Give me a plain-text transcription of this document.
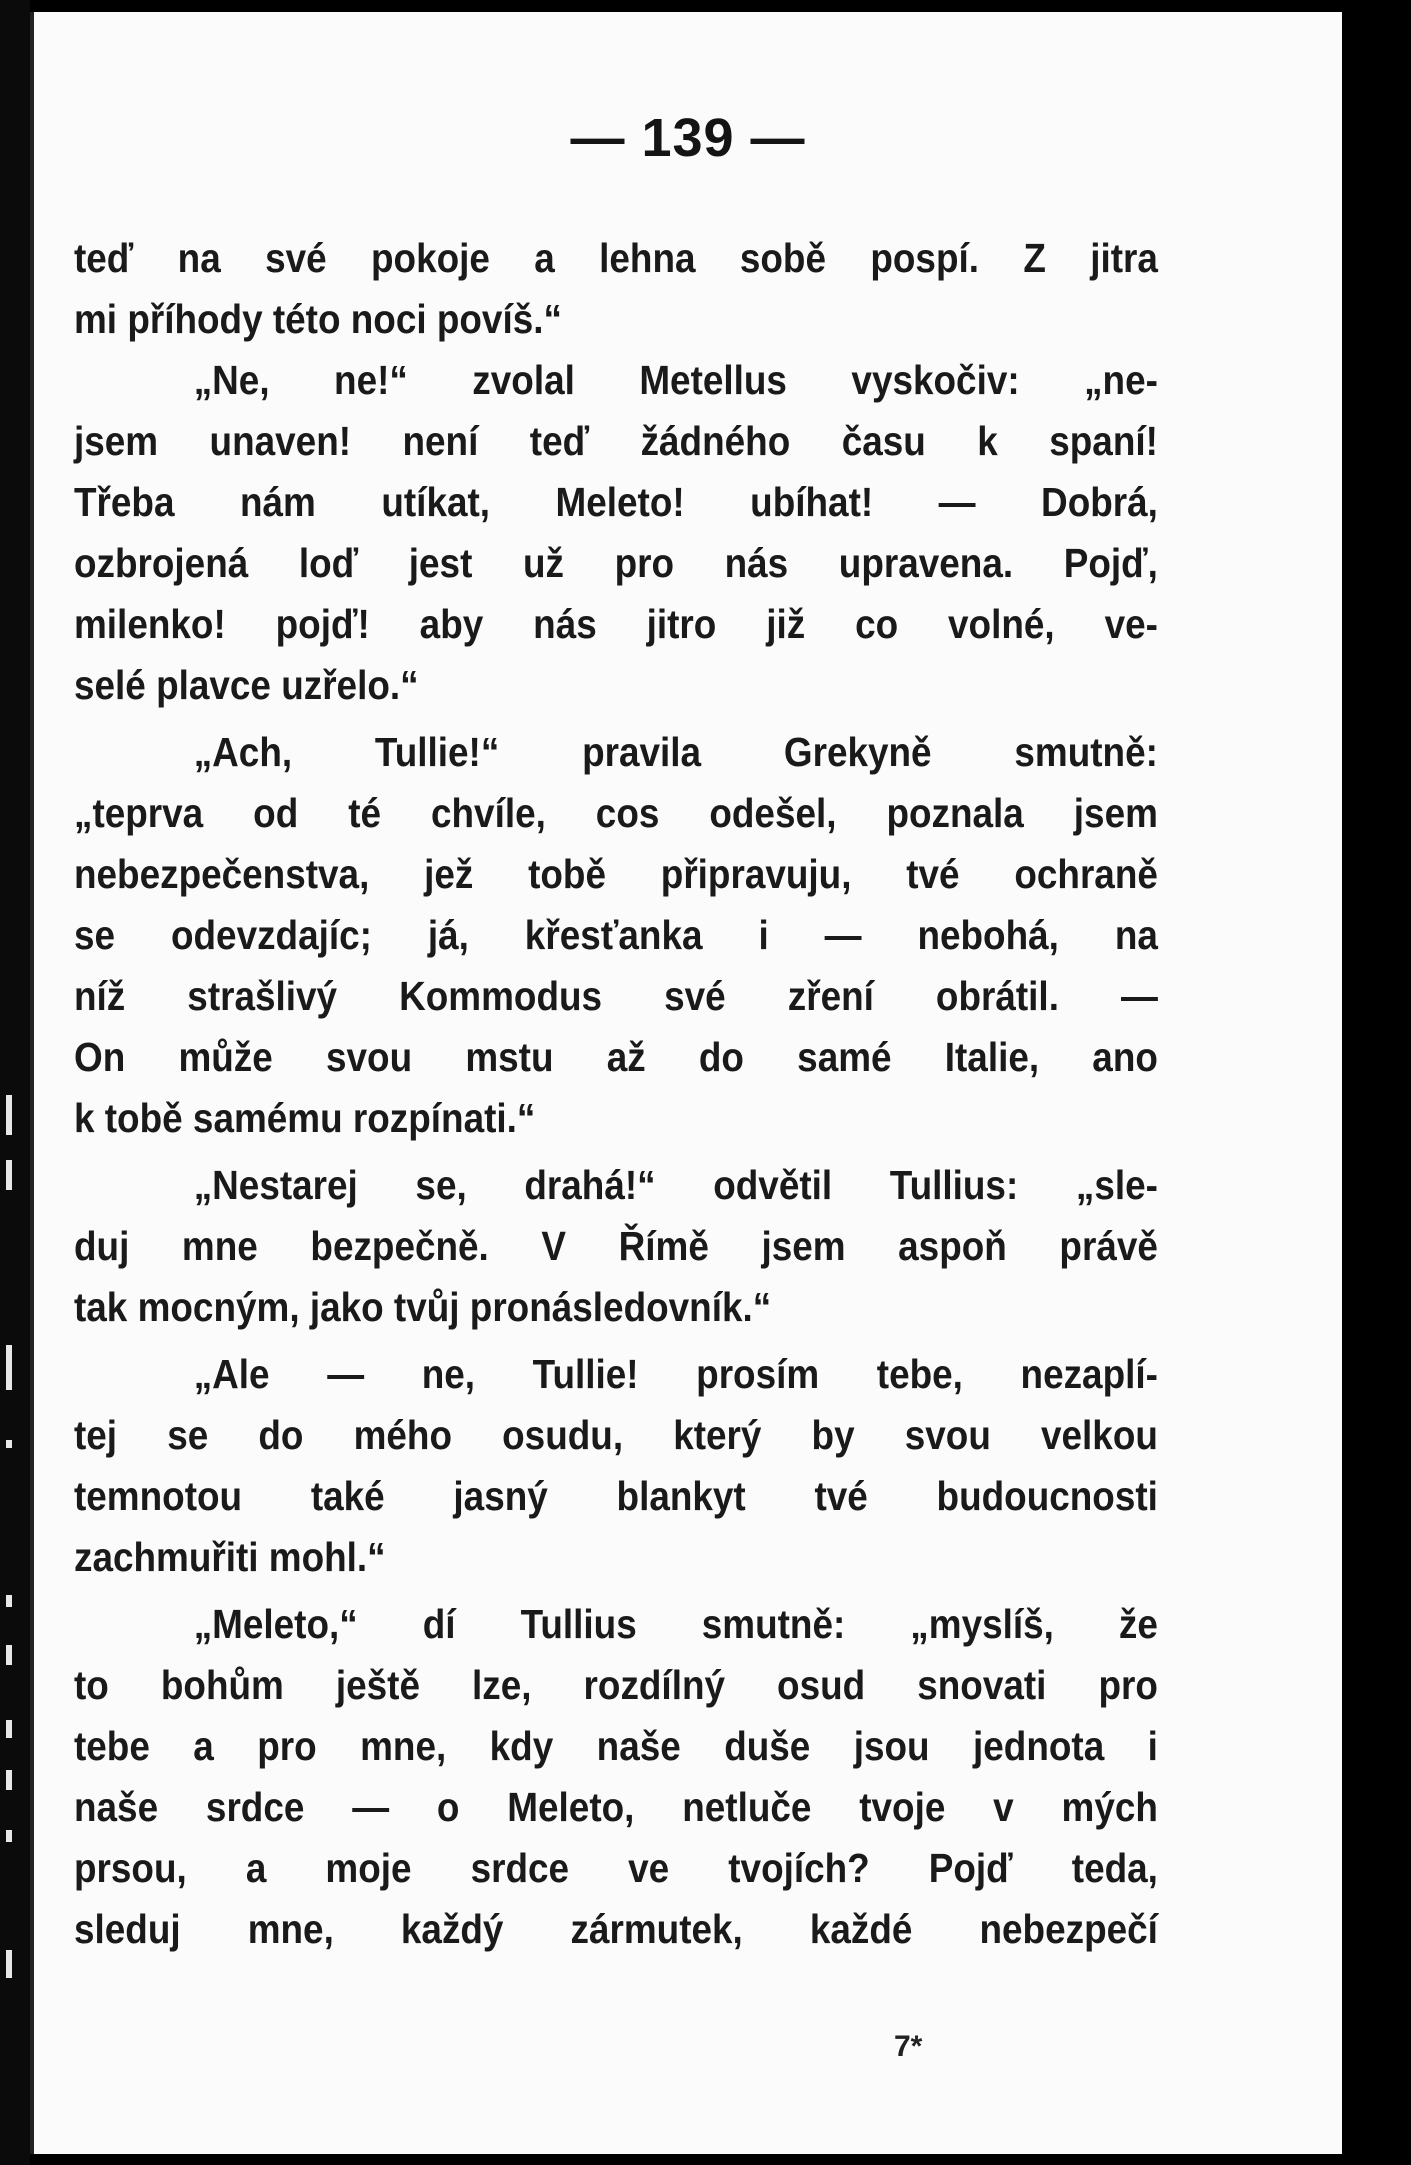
— 139 —
teď na své pokoje a lehna sobě pospí. Z jitra
mi příhody této noci povíš.“
„Ne, ne!“ zvolal Metellus vyskočiv: „ne-
jsem unaven! není teď žádného času k spaní!
Třeba nám utíkat, Meleto! ubíhat! — Dobrá,
ozbrojená loď jest už pro nás upravena. Pojď,
milenko! pojď! aby nás jitro již co volné, ve-
selé plavce uzřelo.“
„Ach, Tullie!“ pravila Grekyně smutně:
„teprva od té chvíle, cos odešel, poznala jsem
nebezpečenstva, jež tobě připravuju, tvé ochraně
se odevzdajíc; já, křesťanka i — nebohá, na
níž strašlivý Kommodus své zření obrátil. —
On může svou mstu až do samé Italie, ano
k tobě samému rozpínati.“
„Nestarej se, drahá!“ odvětil Tullius: „sle-
duj mne bezpečně. V Římě jsem aspoň právě
tak mocným, jako tvůj pronásledovník.“
„Ale — ne, Tullie! prosím tebe, nezaplí-
tej se do mého osudu, který by svou velkou
temnotou také jasný blankyt tvé budoucnosti
zachmuřiti mohl.“
„Meleto,“ dí Tullius smutně: „myslíš, že
to bohům ještě lze, rozdílný osud snovati pro
tebe a pro mne, kdy naše duše jsou jednota i
naše srdce — o Meleto, netluče tvoje v mých
prsou, a moje srdce ve tvojích? Pojď teda,
sleduj mne, každý zármutek, každé nebezpečí
7*
